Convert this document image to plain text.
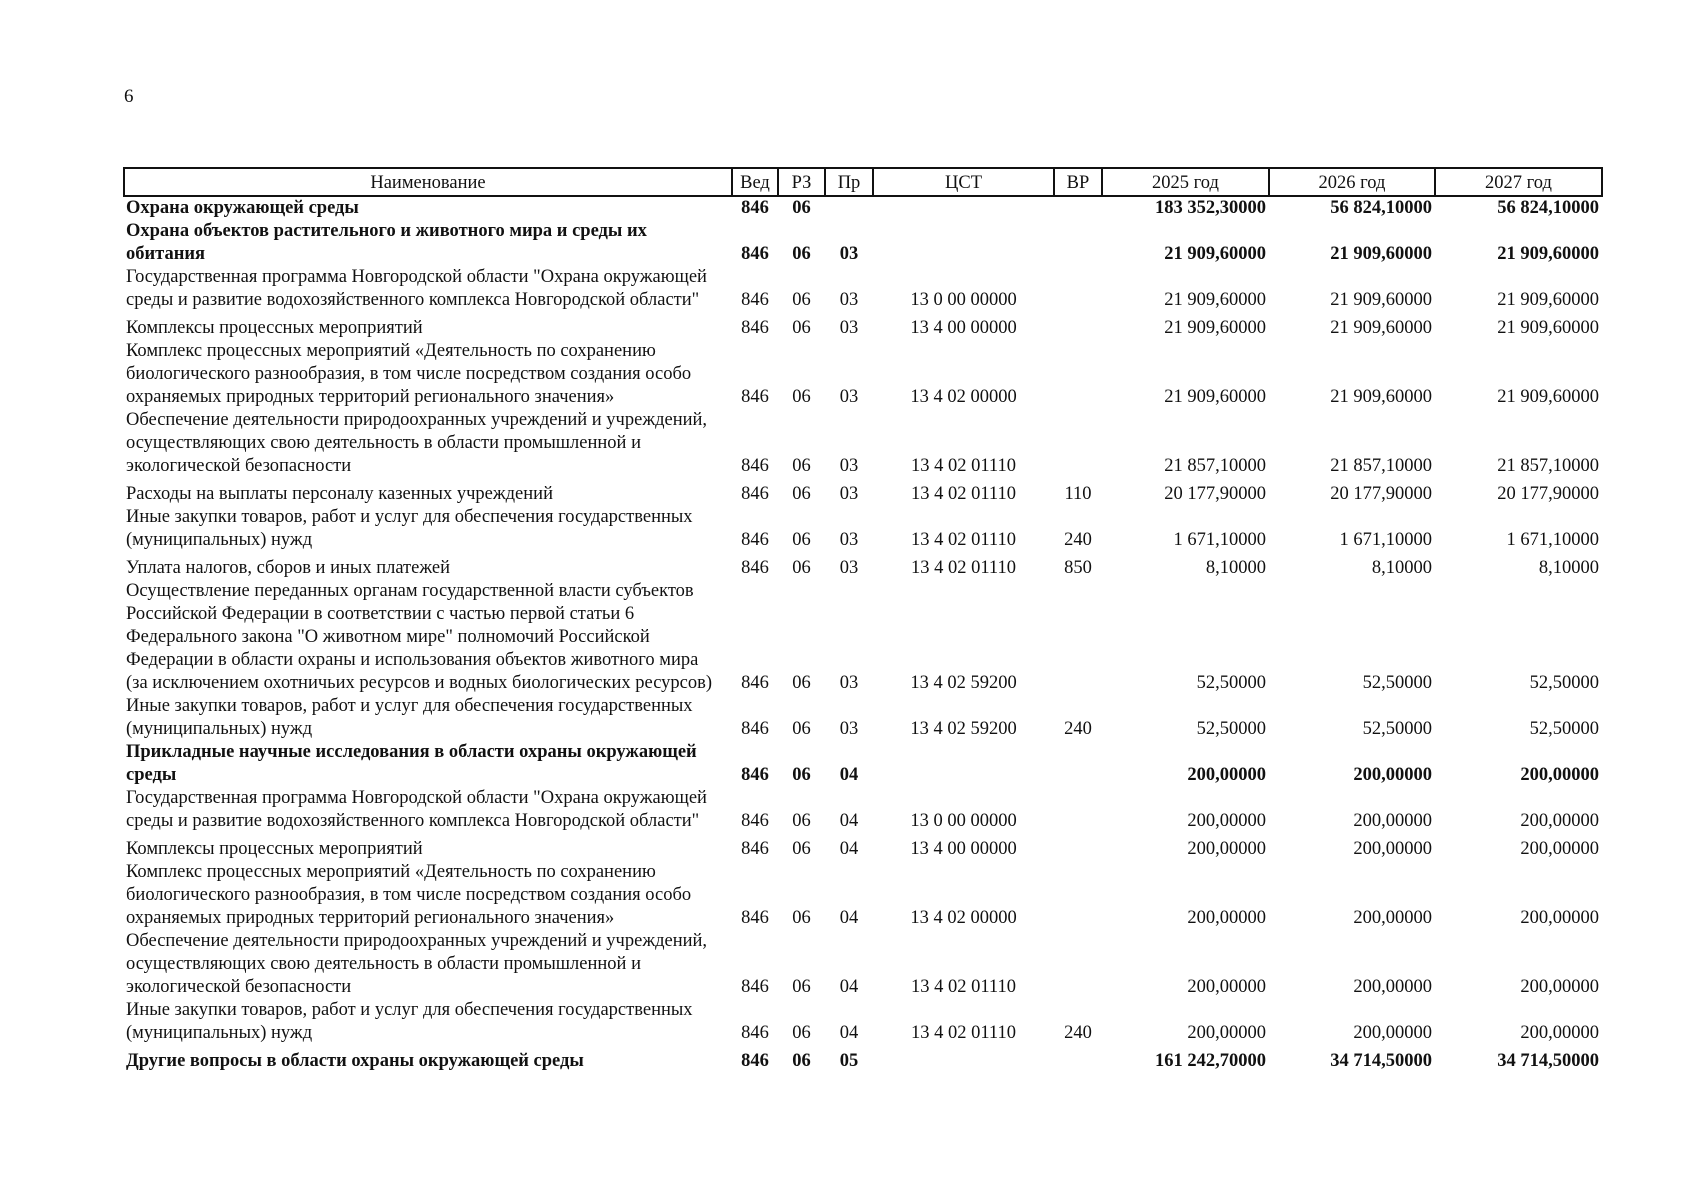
6
Наименование	Вед	РЗ	Пр	ЦСТ	ВР	2025 год	2026 год	2027 год
Охрана окружающей среды	846	06				183 352,30000	56 824,10000	56 824,10000
Охрана объектов растительного и животного мира и среды их обитания	846	06	03			21 909,60000	21 909,60000	21 909,60000
Государственная программа Новгородской области "Охрана окружающей среды и развитие водохозяйственного комплекса Новгородской области"	846	06	03	13 0 00 00000		21 909,60000	21 909,60000	21 909,60000
Комплексы процессных мероприятий	846	06	03	13 4 00 00000		21 909,60000	21 909,60000	21 909,60000
Комплекс процессных мероприятий «Деятельность по сохранению биологического разнообразия, в том числе посредством создания особо охраняемых природных территорий регионального значения»	846	06	03	13 4 02 00000		21 909,60000	21 909,60000	21 909,60000
Обеспечение деятельности природоохранных учреждений и учреждений, осуществляющих свою деятельность в области промышленной и экологической безопасности	846	06	03	13 4 02 01110		21 857,10000	21 857,10000	21 857,10000
Расходы на выплаты персоналу казенных учреждений	846	06	03	13 4 02 01110	110	20 177,90000	20 177,90000	20 177,90000
Иные закупки товаров, работ и услуг для обеспечения государственных (муниципальных) нужд	846	06	03	13 4 02 01110	240	1 671,10000	1 671,10000	1 671,10000
Уплата налогов, сборов и иных платежей	846	06	03	13 4 02 01110	850	8,10000	8,10000	8,10000
Осуществление переданных органам государственной власти субъектов Российской Федерации в соответствии с частью первой статьи 6 Федерального закона "О животном мире" полномочий Российской Федерации в области охраны и использования объектов животного мира (за исключением охотничьих ресурсов и водных биологических ресурсов)	846	06	03	13 4 02 59200		52,50000	52,50000	52,50000
Иные закупки товаров, работ и услуг для обеспечения государственных (муниципальных) нужд	846	06	03	13 4 02 59200	240	52,50000	52,50000	52,50000
Прикладные научные исследования в области охраны окружающей среды	846	06	04			200,00000	200,00000	200,00000
Государственная программа Новгородской области "Охрана окружающей среды и развитие водохозяйственного комплекса Новгородской области"	846	06	04	13 0 00 00000		200,00000	200,00000	200,00000
Комплексы процессных мероприятий	846	06	04	13 4 00 00000		200,00000	200,00000	200,00000
Комплекс процессных мероприятий «Деятельность по сохранению биологического разнообразия, в том числе посредством создания особо охраняемых природных территорий регионального значения»	846	06	04	13 4 02 00000		200,00000	200,00000	200,00000
Обеспечение деятельности природоохранных учреждений и учреждений, осуществляющих свою деятельность в области промышленной и экологической безопасности	846	06	04	13 4 02 01110		200,00000	200,00000	200,00000
Иные закупки товаров, работ и услуг для обеспечения государственных (муниципальных) нужд	846	06	04	13 4 02 01110	240	200,00000	200,00000	200,00000
Другие вопросы в области охраны окружающей среды	846	06	05			161 242,70000	34 714,50000	34 714,50000
